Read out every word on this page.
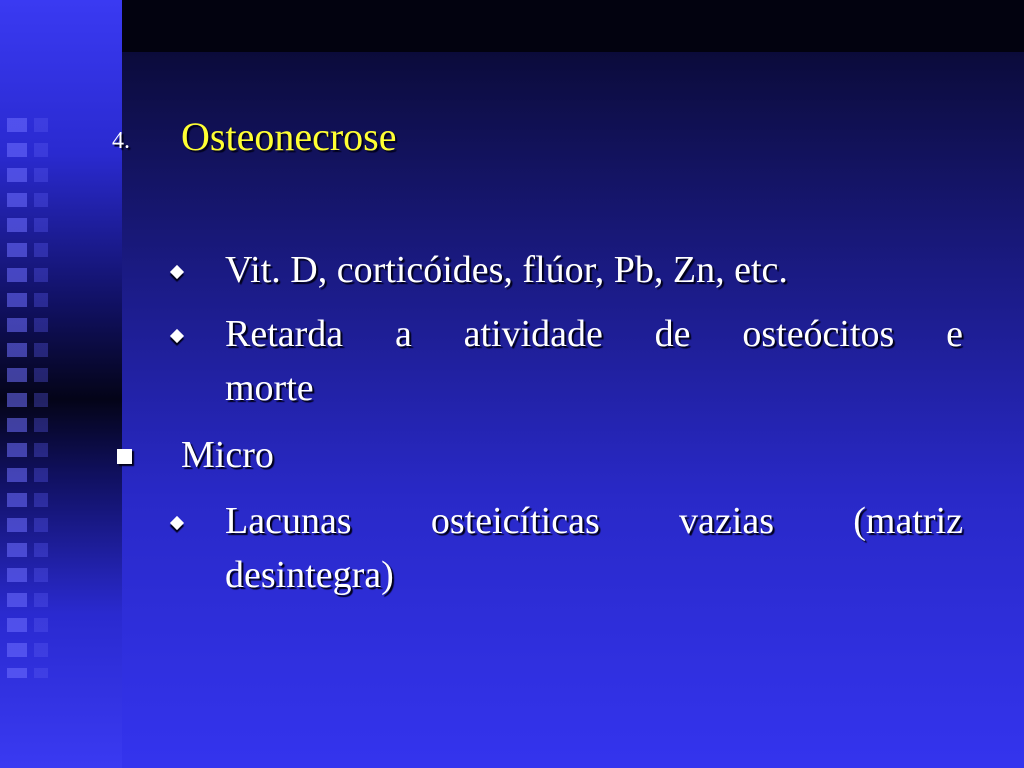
4. Osteonecrose
Vit. D, corticóides, flúor, Pb, Zn, etc.
Retarda a atividade de osteócitos e
morte
Micro
Lacunas osteicíticas vazias (matriz
desintegra)
